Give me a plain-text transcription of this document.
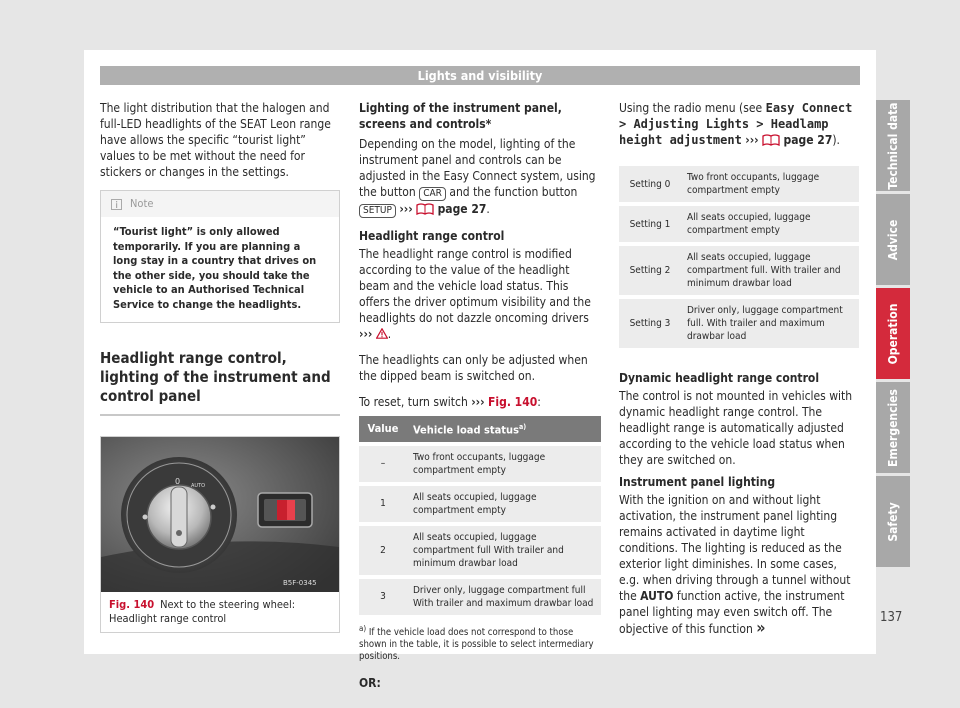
Lights and visibility

The light distribution that the halogen and full-LED headlights of the SEAT Leon range have allows the specific “tourist light” values to be met without the need for stickers or changes in the settings.

Note
“Tourist light” is only allowed temporarily. If you are planning a long stay in a country that drives on the other side, you should take the vehicle to an Authorised Technical Service to change the headlights.
Headlight range control, lighting of the instrument and control panel
0 AUTO
B5F-0345
Fig. 140 Next to the steering wheel: Headlight range control

Lighting of the instrument panel, screens and controls*

Depending on the model, lighting of the instrument panel and controls can be adjusted in the Easy Connect system, using the button CAR and the function button SETUP ››› page 27.

Headlight range control

The headlight range control is modified according to the value of the headlight beam and the vehicle load status. This offers the driver optimum visibility and the headlights do not dazzle oncoming drivers ››› .

The headlights can only be adjusted when the dipped beam is switched on.

To reset, turn switch ››› Fig. 140:

Value	Vehicle load status$^{a)}$
–	Two front occupants, luggage compartment empty
1	All seats occupied, luggage compartment empty
2	All seats occupied, luggage compartment full With trailer and minimum drawbar load
3	Driver only, luggage compartment full With trailer and maximum drawbar load
$^{a)}$ If the vehicle load does not correspond to those shown in the table, it is possible to select intermediary positions.

OR:

Using the radio menu (see Easy Connect > Adjusting Lights > Headlamp height adjustment ››› page 27).

Setting 0	Two front occupants, luggage compartment empty
Setting 1	All seats occupied, luggage compartment empty
Setting 2	All seats occupied, luggage compartment full. With trailer and minimum drawbar load
Setting 3	Driver only, luggage compartment full. With trailer and maximum drawbar load

Dynamic headlight range control

The control is not mounted in vehicles with dynamic headlight range control. The headlight range is automatically adjusted according to the vehicle load status when they are switched on.

Instrument panel lighting

With the ignition on and without light activation, the instrument panel lighting remains activated in daytime light conditions. The lighting is reduced as the exterior light diminishes. In some cases, e.g. when driving through a tunnel without the AUTO function active, the instrument panel lighting may even switch off. The objective of this function »

Technical data
Advice
Operation
Emergencies
Safety
137
